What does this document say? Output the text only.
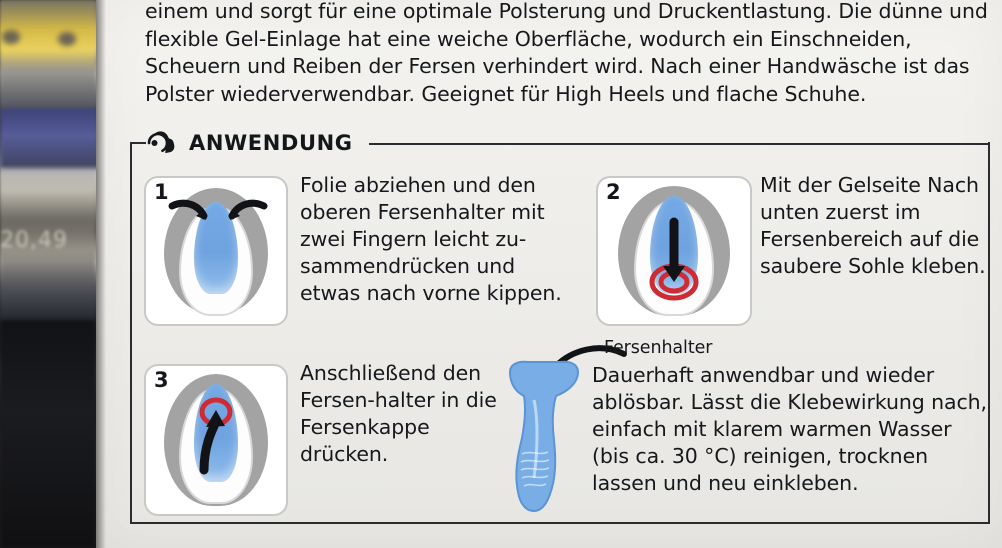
20,49
einem und sorgt für eine optimale Polsterung und Druckentlastung. Die dünne und flexible Gel-Einlage hat eine weiche Oberfläche, wodurch ein Einschneiden, Scheuern und Reiben der Fersen verhindert wird. Nach einer Handwäsche ist das Polster wiederverwendbar. Geeignet für High Heels und flache Schuhe.
ANWENDUNG
1	Folie abziehen und den oberen Fersenhalter mit zwei Fingern leicht zu-sammendrücken und etwas nach vorne kippen.
2	Mit der Gelseite Nach unten zuerst im Fersenbereich auf die saubere Sohle kleben.
Fersenhalter
3	Anschließend den Fersen-halter in die Fersenkappe drücken.
Dauerhaft anwendbar und wieder ablösbar. Lässt die Klebewirkung nach, einfach mit klarem warmen Wasser (bis ca. 30 °C) reinigen, trocknen lassen und neu einkleben.
